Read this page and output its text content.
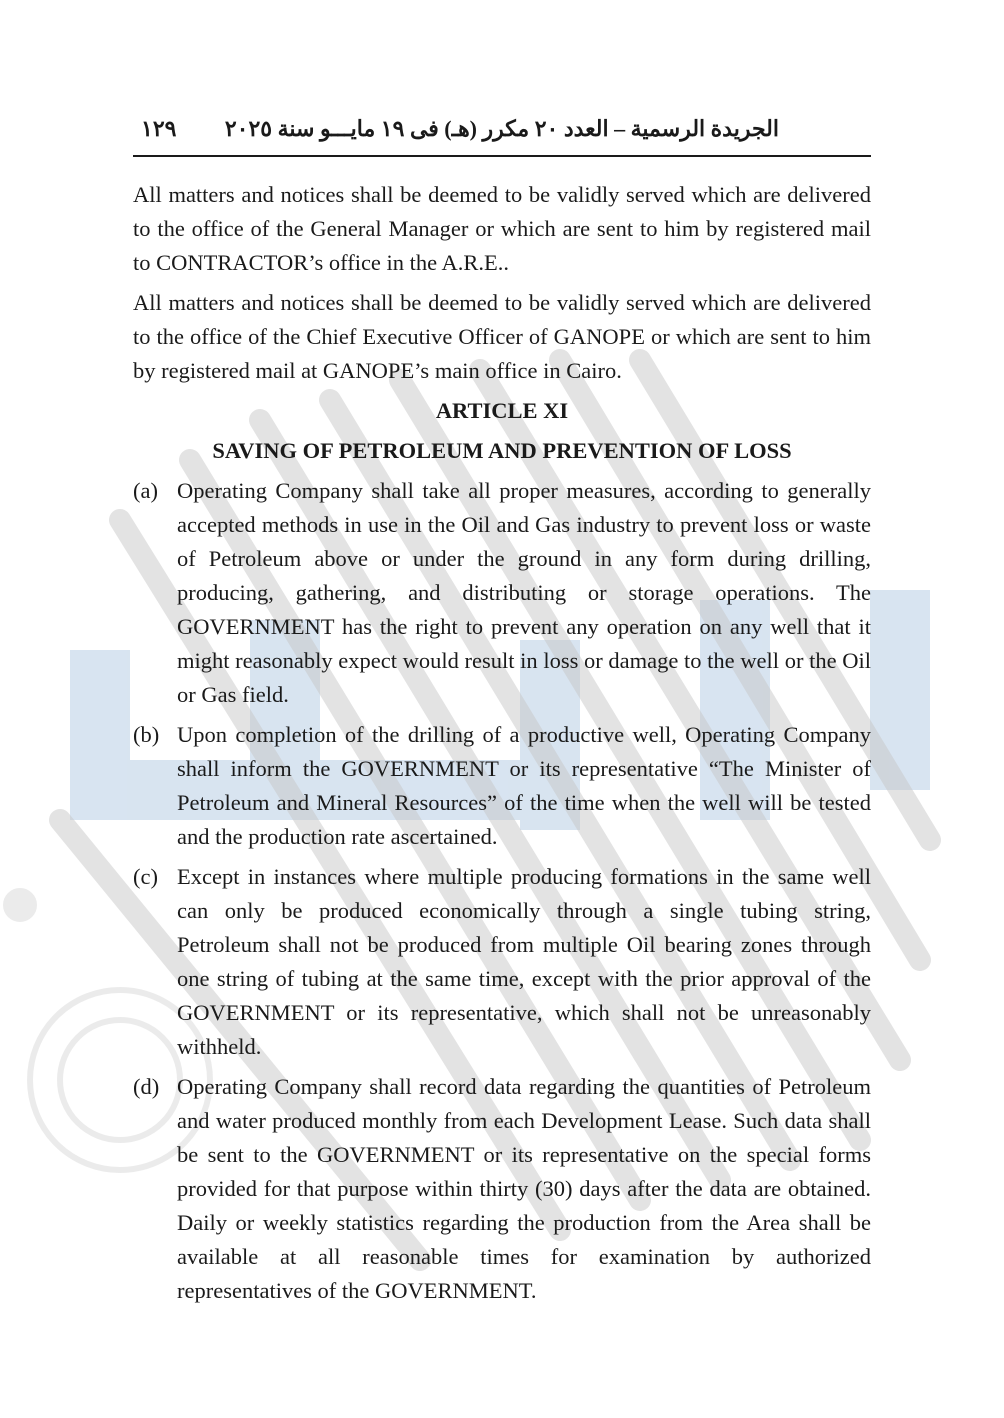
الجريدة الرسمية – العدد ٢٠ مكرر (هـ) فى ١٩ مايـــو سنة ٢٠٢٥
١٢٩

All matters and notices shall be deemed to be validly served which are delivered to the office of the General Manager or which are sent to him by registered mail to CONTRACTOR’s office in the A.R.E..

All matters and notices shall be deemed to be validly served which are delivered to the office of the Chief Executive Officer of GANOPE or which are sent to him by registered mail at GANOPE’s main office in Cairo.

ARTICLE XI
SAVING OF PETROLEUM AND PREVENTION OF LOSS
(a) Operating Company shall take all proper measures, according to generally accepted methods in use in the Oil and Gas industry to prevent loss or waste of Petroleum above or under the ground in any form during drilling, producing, gathering, and distributing or storage operations. The GOVERNMENT has the right to prevent any operation on any well that it might reasonably expect would result in loss or damage to the well or the Oil or Gas field.
(b) Upon completion of the drilling of a productive well, Operating Company shall inform the GOVERNMENT or its representative “The Minister of Petroleum and Mineral Resources” of the time when the well will be tested and the production rate ascertained.
(c) Except in instances where multiple producing formations in the same well can only be produced economically through a single tubing string, Petroleum shall not be produced from multiple Oil bearing zones through one string of tubing at the same time, except with the prior approval of the GOVERNMENT or its representative, which shall not be unreasonably withheld.
(d) Operating Company shall record data regarding the quantities of Petroleum and water produced monthly from each Development Lease. Such data shall be sent to the GOVERNMENT or its representative on the special forms provided for that purpose within thirty (30) days after the data are obtained. Daily or weekly statistics regarding the production from the Area shall be available at all reasonable times for examination by authorized representatives of the GOVERNMENT.
